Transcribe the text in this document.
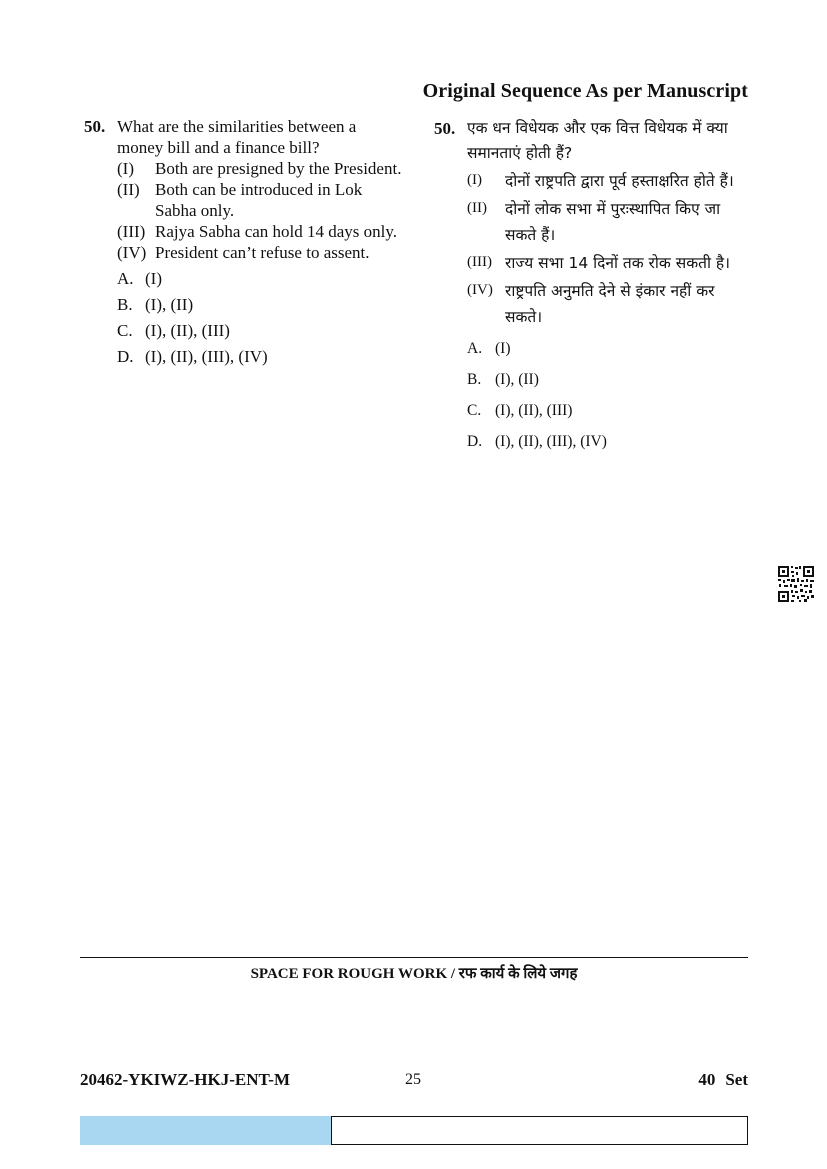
Original Sequence As per Manuscript
50. What are the similarities between a money bill and a finance bill?
(I)	Both are presigned by the President.
(II) Both can be introduced in Lok Sabha only.
(III) Rajya Sabha can hold 14 days only.
(IV) President can’t refuse to assent.
A. (I)
B. (I), (II)
C. (I), (II), (III)
D. (I), (II), (III), (IV)
50. एक धन विधेयक और एक वित्त विधेयक में क्या समानताएं होती हैं?
(I)	दोनों राष्ट्रपति द्वारा पूर्व हस्ताक्षरित होते हैं।
(II)	दोनों लोक सभा में पुरःस्थापित किए जा सकते हैं।
(III) राज्य सभा 14 दिनों तक रोक सकती है।
(IV) राष्ट्रपति अनुमति देने से इंकार नहीं कर सकते।
A. (I)
B. (I), (II)
C. (I), (II), (III)
D. (I), (II), (III), (IV)
SPACE FOR ROUGH WORK / रफ कार्य के लिये जगह
20462-YKIWZ-HKJ-ENT-M	25	40 Set
